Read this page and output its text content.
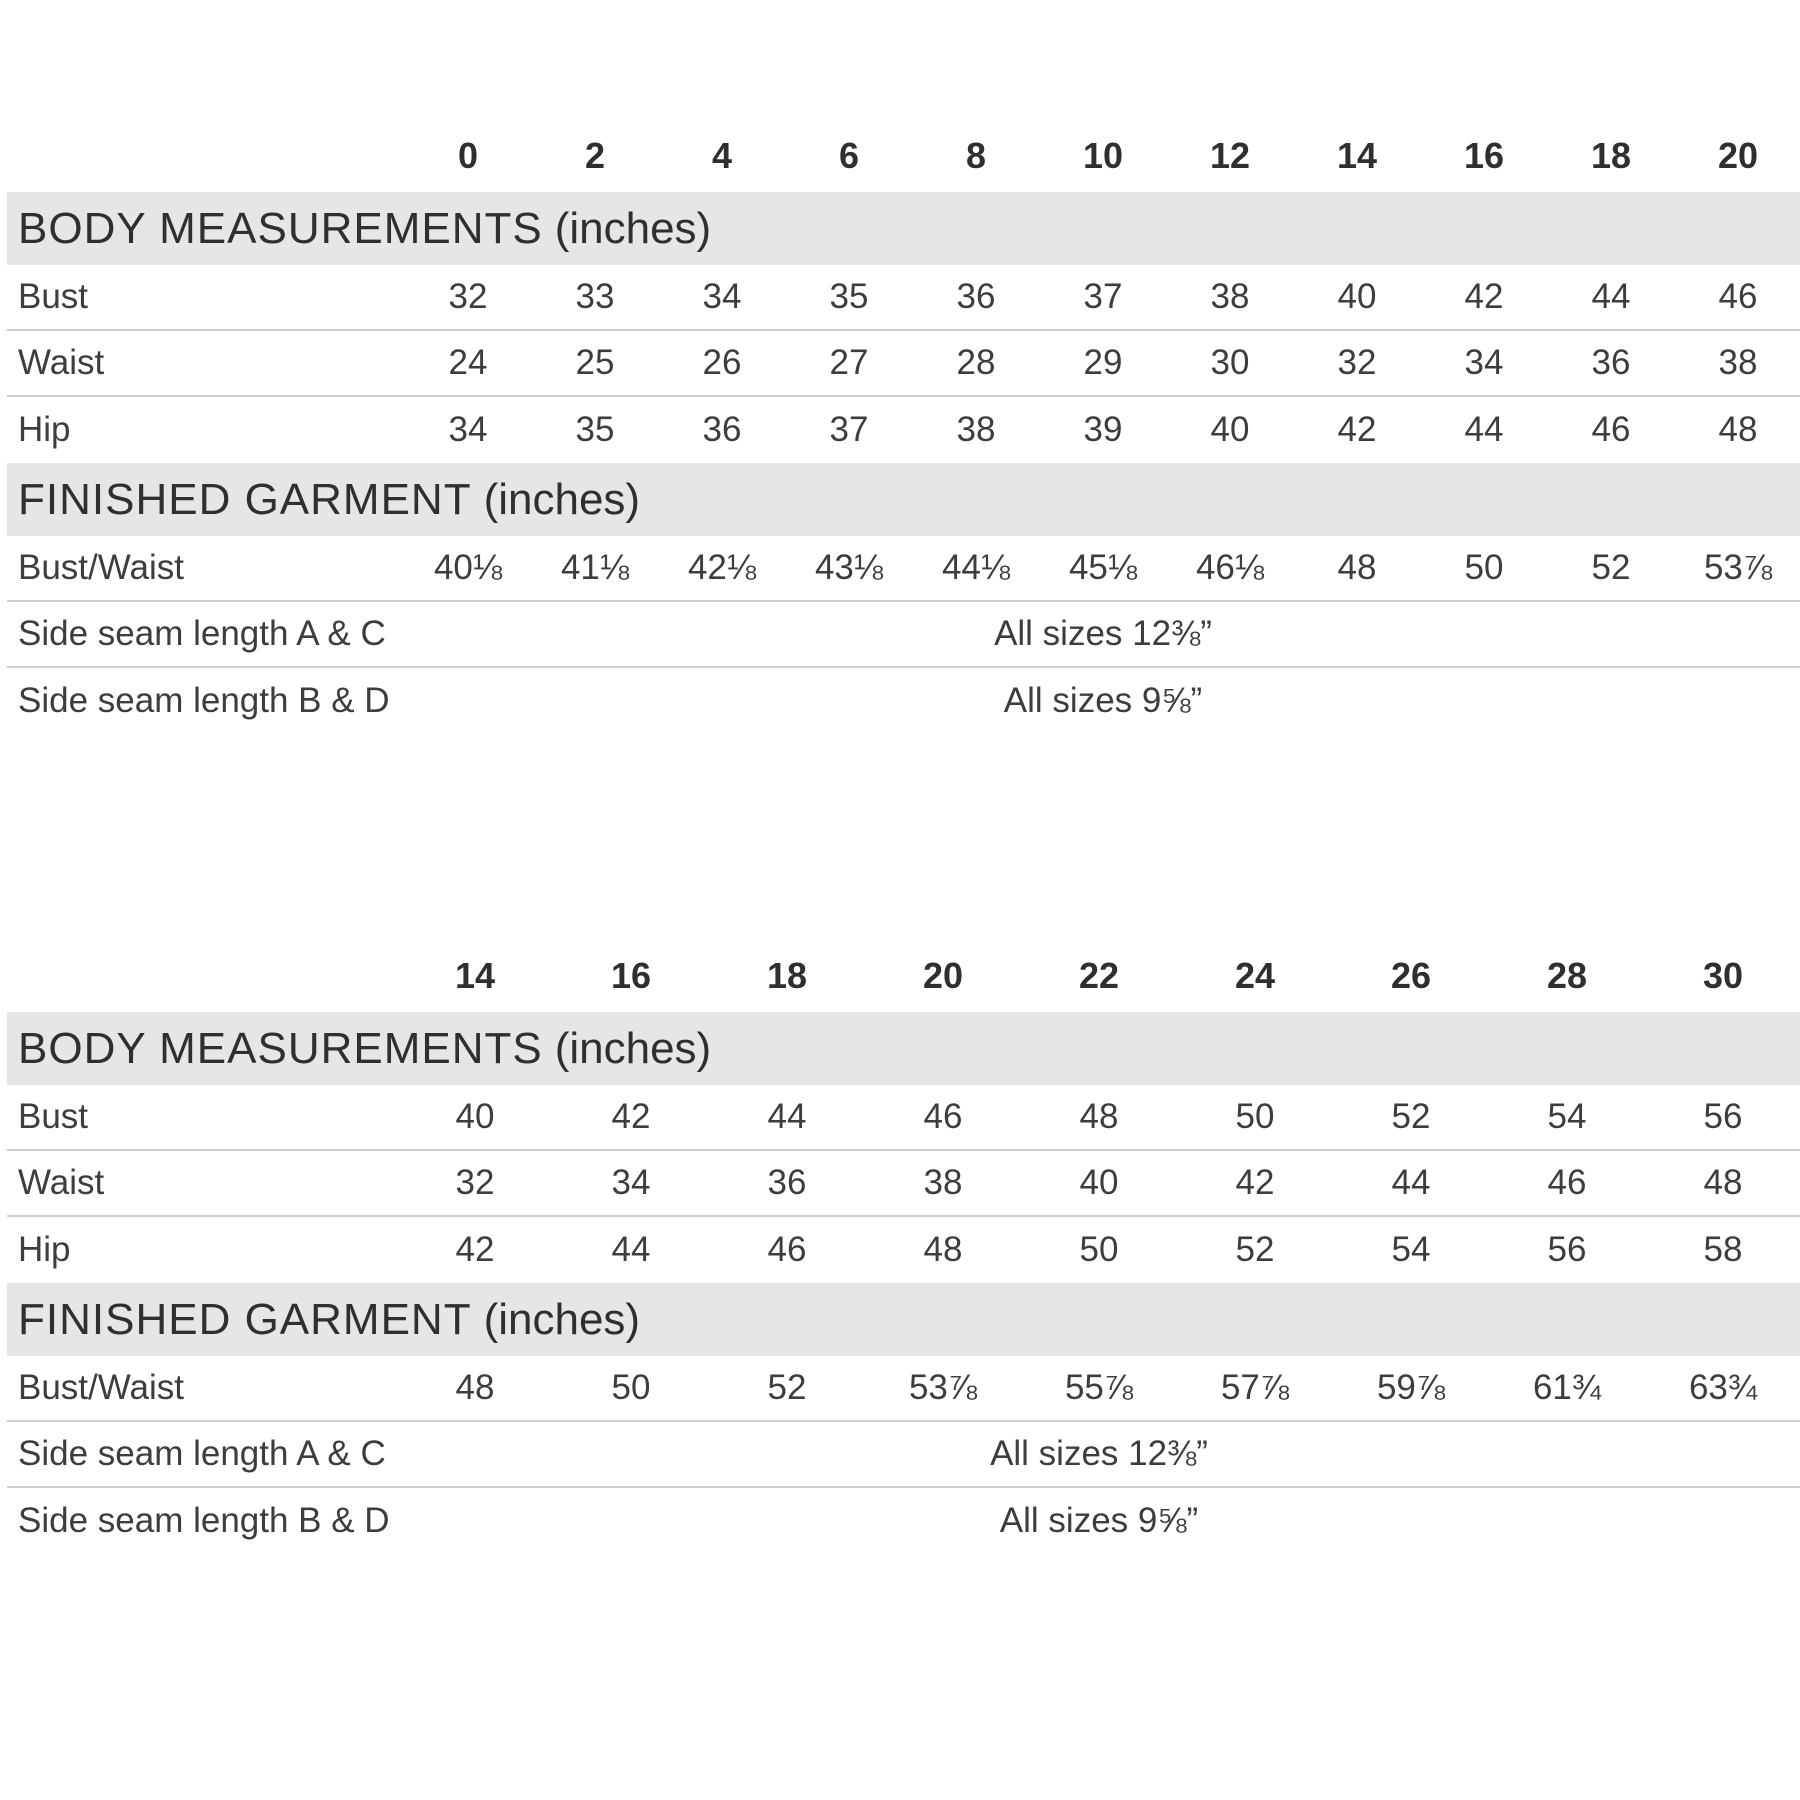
0	2	4	6	8	10 12 14 16 18 20
BODY MEASUREMENTS (inches)
Bust	32	33	34	35	36	37	38	40	42	44	46
Waist	24	25	26	27	28	29	30	32	34	36	38
Hip	34	35	36	37	38	39	40	42	44	46	48
FINISHED GARMENT (inches)
Bust/Waist	40⅛ 41⅛ 42⅛ 43⅛ 44⅛ 45⅛ 46⅛ 48	50	52 53⅞
Side seam length A & C	All sizes 12⅜”
Side seam length B & D	All sizes 9⅝”
14	16	18	20	22	24	26	28	30
BODY MEASUREMENTS (inches)
Bust	40	42	44	46	48	50	52	54	56
Waist	32	34	36	38	40	42	44	46	48
Hip	42	44	46	48	50	52	54	56	58
FINISHED GARMENT (inches)
Bust/Waist	48	50	52	53⅞	55⅞	57⅞	59⅞	61¾	63¾
Side seam length A & C	All sizes 12⅜”
Side seam length B & D	All sizes 9⅝”
